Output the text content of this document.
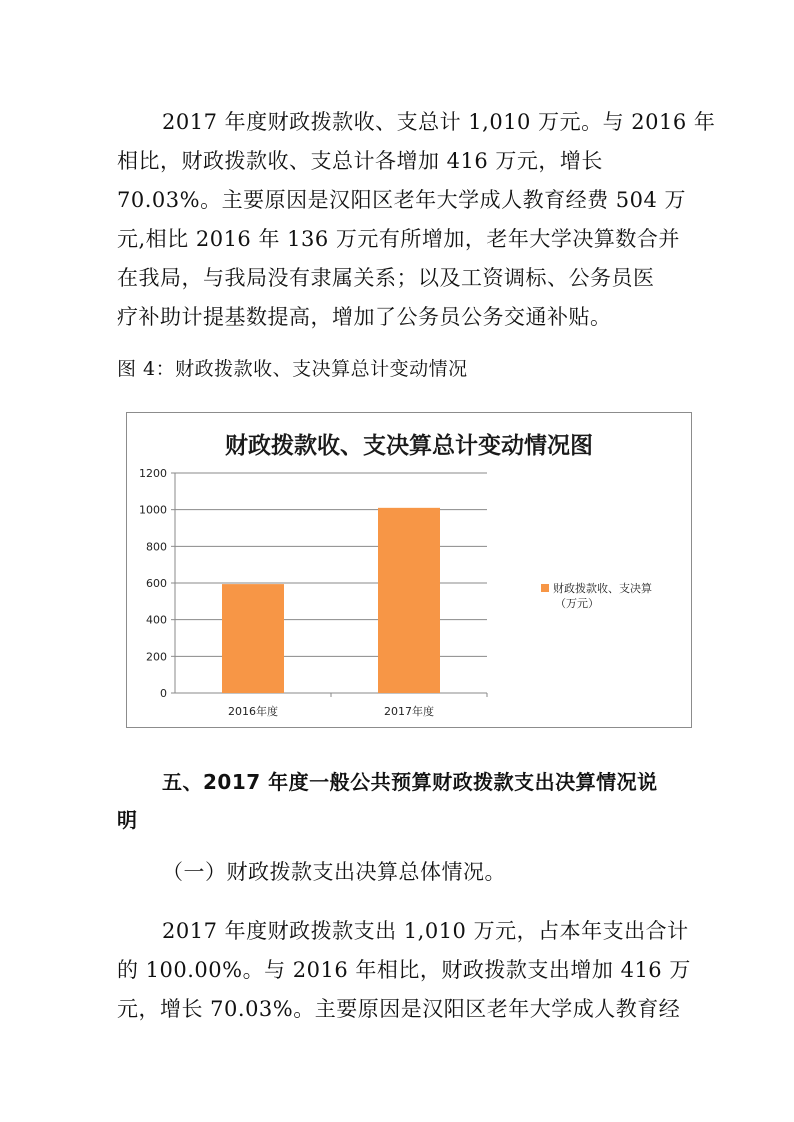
2017 年度财政拨款收、支总计 1,010 万元。与 2016 年
相比，财政拨款收、支总计各增加 416 万元，增长
70.03%。主要原因是汉阳区老年大学成人教育经费 504 万
元,相比 2016 年 136 万元有所增加，老年大学决算数合并
在我局，与我局没有隶属关系；以及工资调标、公务员医
疗补助计提基数提高，增加了公务员公务交通补贴。
图 4：财政拨款收、支决算总计变动情况
财政拨款收、支决算总计变动情况图
0
200
400
600
800
1000
1200
2016年度	2017年度
财政拨款收、支决算
（万元）
五、2017 年度一般公共预算财政拨款支出决算情况说
明
（一）财政拨款支出决算总体情况。
2017 年度财政拨款支出 1,010 万元，占本年支出合计
的 100.00%。与 2016 年相比，财政拨款支出增加 416 万
元，增长 70.03%。主要原因是汉阳区老年大学成人教育经
